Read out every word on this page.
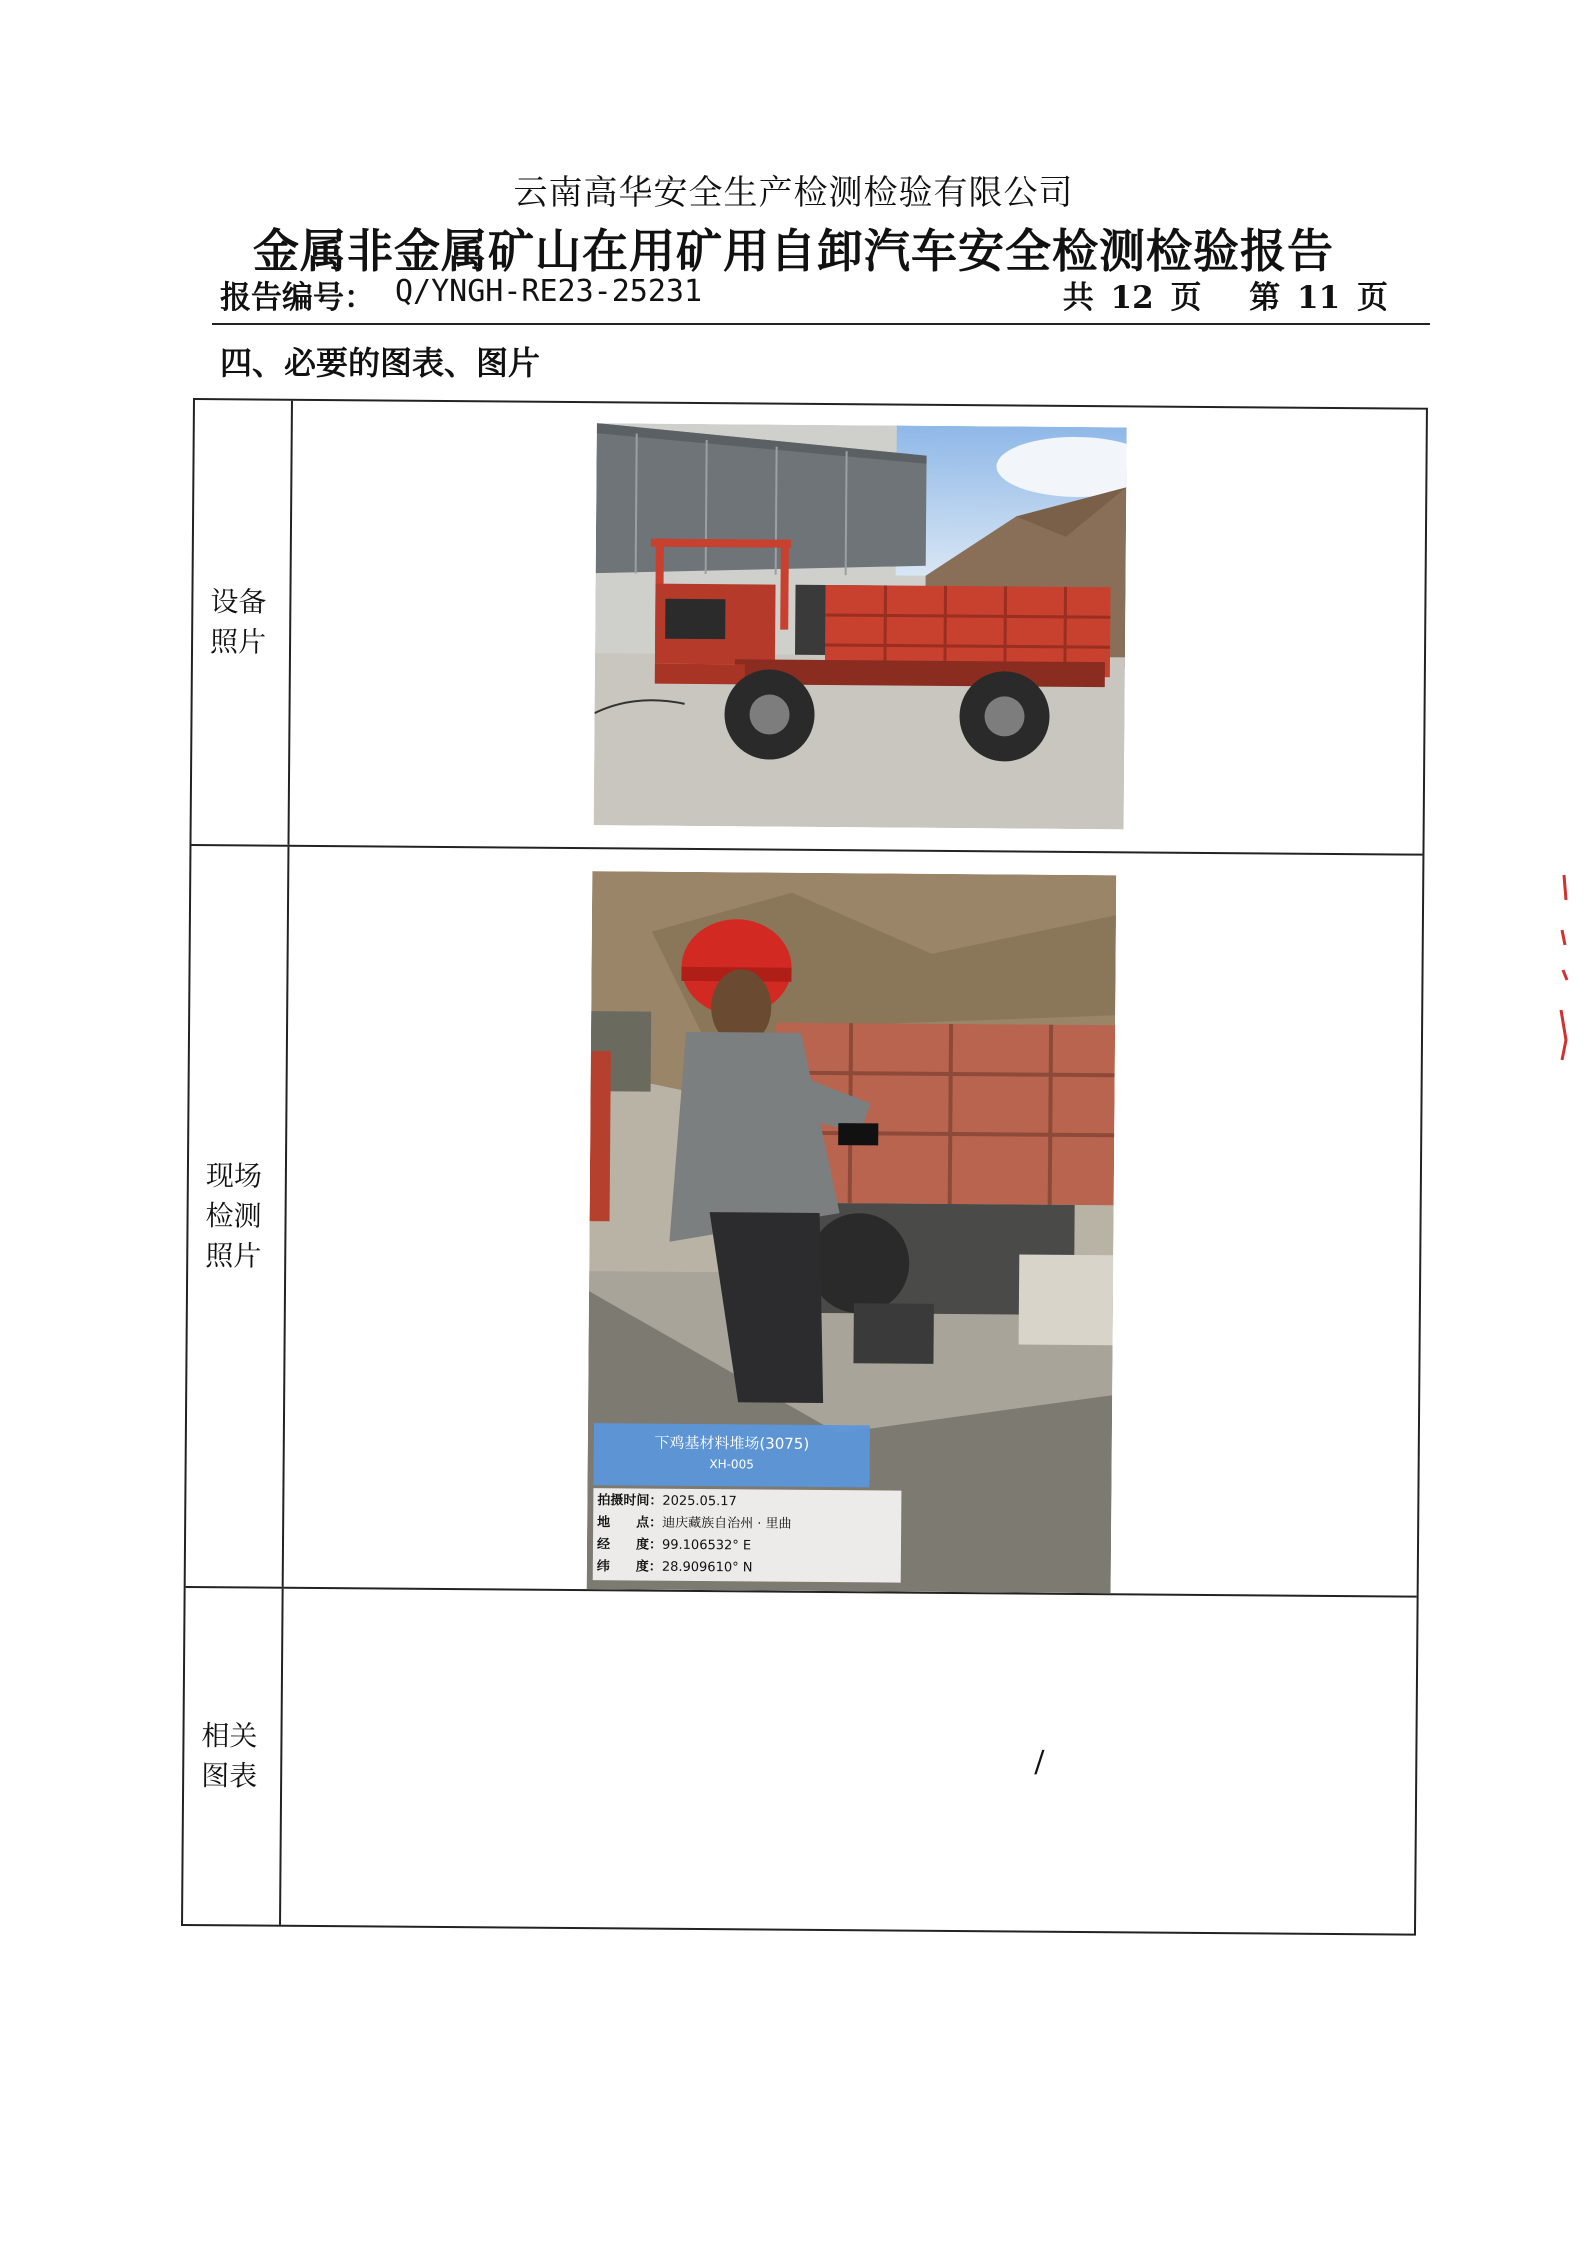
云南高华安全生产检测检验有限公司
金属非金属矿山在用矿用自卸汽车安全检测检验报告
报告编号： Q/YNGH-RE23-25231	共 12 页　 第 11 页
四、必要的图表、图片
设备
照片
现场
检测
照片
下鸡基材料堆场(3075)
XH-005
拍摄时间：2025.05.17
地　　点：迪庆藏族自治州 · 里曲
经　　度：99.106532° E
纬　　度：28.909610° N
相关
图表	/
